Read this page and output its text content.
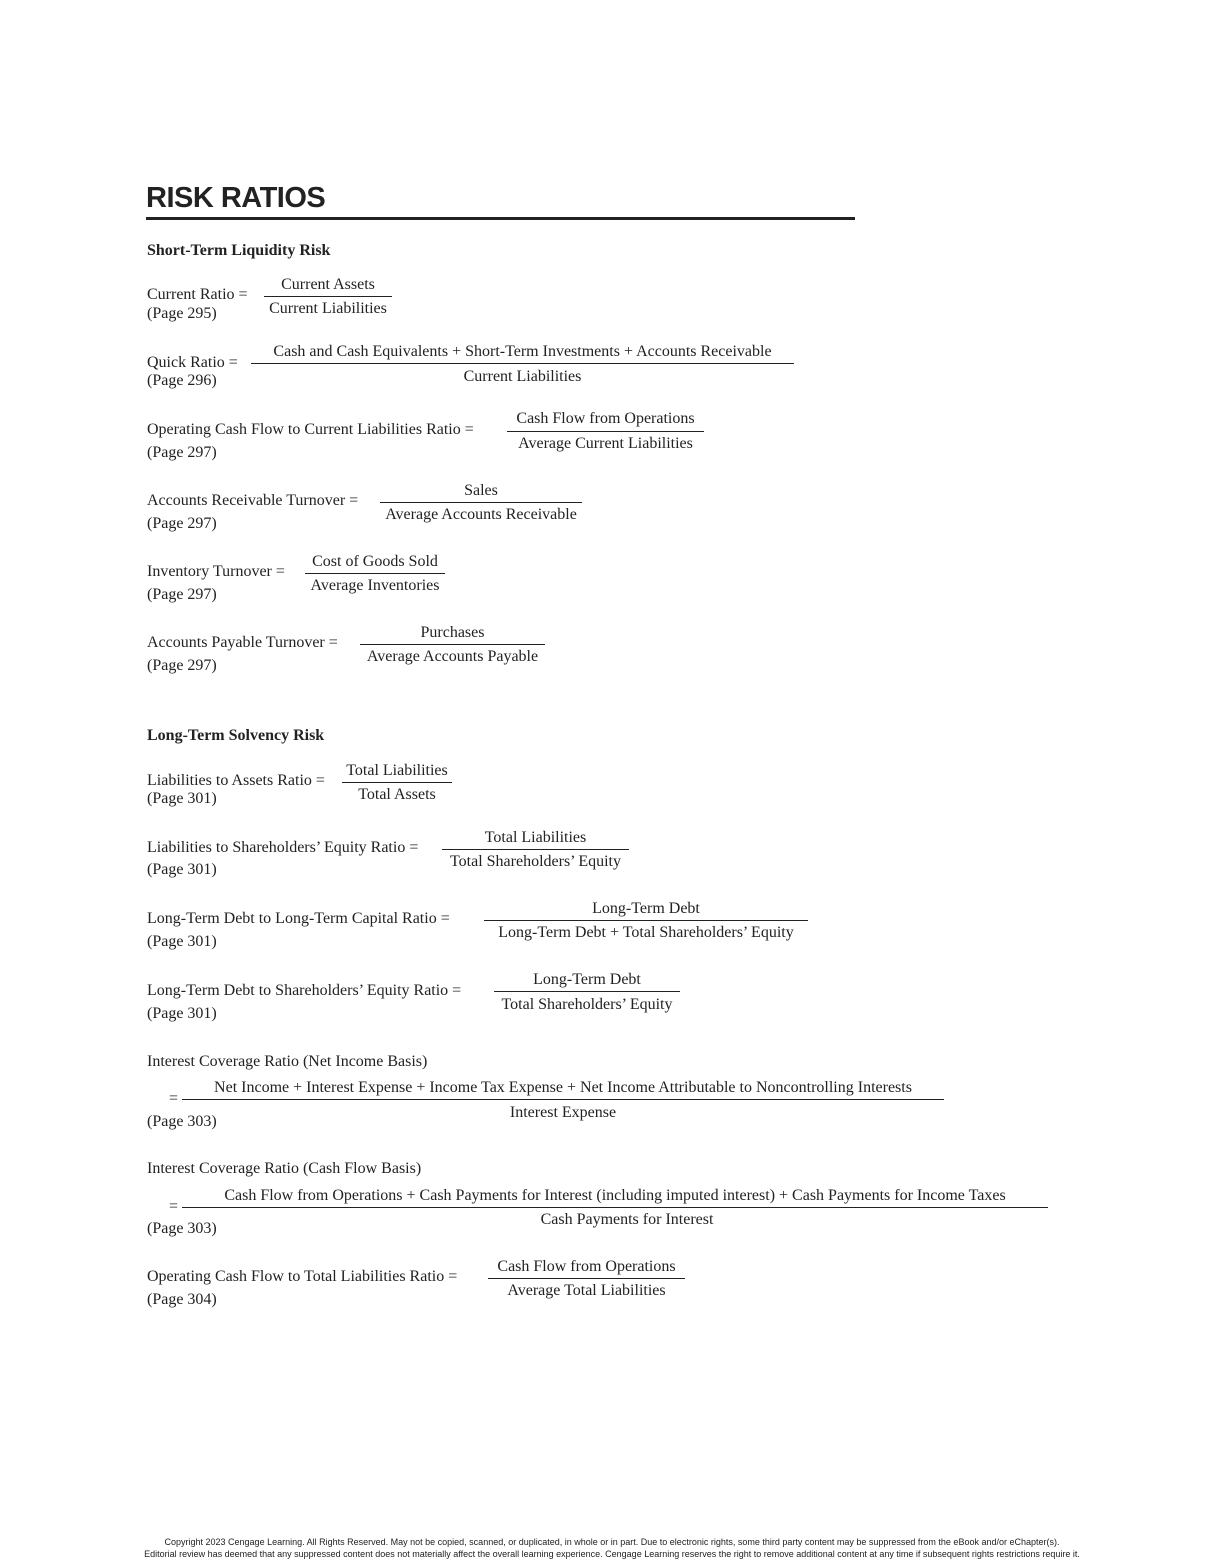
RISK RATIOS
Short-Term Liquidity Risk
Current Ratio =
(Page 295)
Current Assets
Current Liabilities
Quick Ratio =
(Page 296)
Cash and Cash Equivalents + Short-Term Investments + Accounts Receivable
Current Liabilities
Operating Cash Flow to Current Liabilities Ratio =
(Page 297)
Cash Flow from Operations
Average Current Liabilities
Accounts Receivable Turnover =
(Page 297)
Sales
Average Accounts Receivable
Inventory Turnover =
(Page 297)
Cost of Goods Sold
Average Inventories
Accounts Payable Turnover =
(Page 297)
Purchases
Average Accounts Payable
Long-Term Solvency Risk
Liabilities to Assets Ratio =
(Page 301)
Total Liabilities
Total Assets
Liabilities to Shareholders’ Equity Ratio =
(Page 301)
Total Liabilities
Total Shareholders’ Equity
Long-Term Debt to Long-Term Capital Ratio =
(Page 301)
Long-Term Debt
Long-Term Debt + Total Shareholders’ Equity
Long-Term Debt to Shareholders’ Equity Ratio =
(Page 301)
Long-Term Debt
Total Shareholders’ Equity
Interest Coverage Ratio (Net Income Basis)
=
(Page 303)
Net Income + Interest Expense + Income Tax Expense + Net Income Attributable to Noncontrolling Interests
Interest Expense
Interest Coverage Ratio (Cash Flow Basis)
=
(Page 303)
Cash Flow from Operations + Cash Payments for Interest (including imputed interest) + Cash Payments for Income Taxes
Cash Payments for Interest
Operating Cash Flow to Total Liabilities Ratio =
(Page 304)
Cash Flow from Operations
Average Total Liabilities
Copyright 2023 Cengage Learning. All Rights Reserved. May not be copied, scanned, or duplicated, in whole or in part. Due to electronic rights, some third party content may be suppressed from the eBook and/or eChapter(s).
Editorial review has deemed that any suppressed content does not materially affect the overall learning experience. Cengage Learning reserves the right to remove additional content at any time if subsequent rights restrictions require it.
